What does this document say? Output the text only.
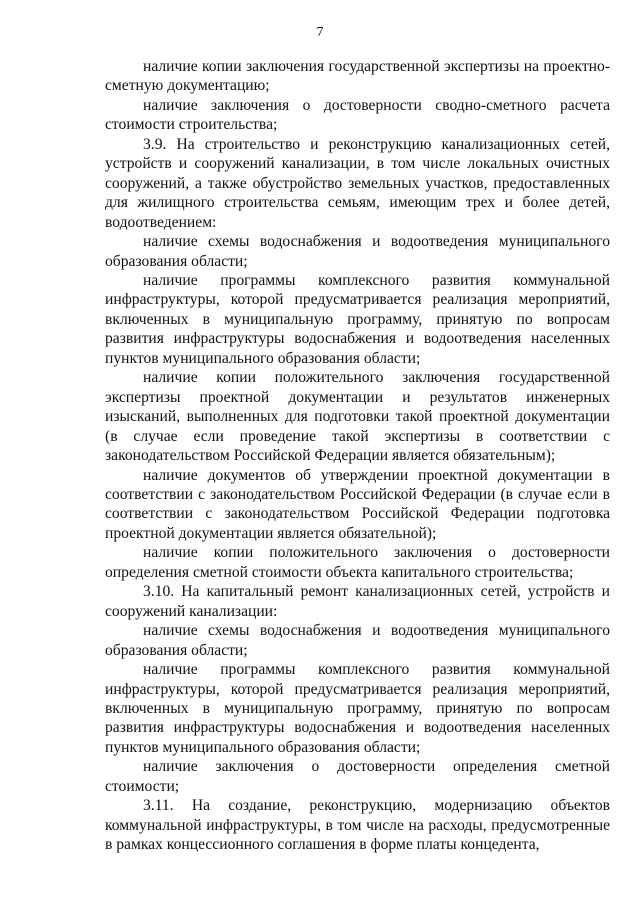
7

наличие копии заключения государственной экспертизы на проектно-сметную документацию;

наличие заключения о достоверности сводно-сметного расчета стоимости строительства;

3.9. На строительство и реконструкцию канализационных сетей, устройств и сооружений канализации, в том числе локальных очистных сооружений, а также обустройство земельных участков, предоставленных для жилищного строительства семьям, имеющим трех и более детей, водоотведением:

наличие схемы водоснабжения и водоотведения муниципального образования области;

наличие программы комплексного развития коммунальной инфраструктуры, которой предусматривается реализация мероприятий, включенных в муниципальную программу, принятую по вопросам развития инфраструктуры водоснабжения и водоотведения населенных пунктов муниципального образования области;

наличие копии положительного заключения государственной экспертизы проектной документации и результатов инженерных изысканий, выполненных для подготовки такой проектной документации (в случае если проведение такой экспертизы в соответствии с законодательством Российской Федерации является обязательным);

наличие документов об утверждении проектной документации в соответствии с законодательством Российской Федерации (в случае если в соответствии с законодательством Российской Федерации подготовка проектной документации является обязательной);

наличие копии положительного заключения о достоверности определения сметной стоимости объекта капитального строительства;

3.10. На капитальный ремонт канализационных сетей, устройств и сооружений канализации:

наличие схемы водоснабжения и водоотведения муниципального образования области;

наличие программы комплексного развития коммунальной инфраструктуры, которой предусматривается реализация мероприятий, включенных в муниципальную программу, принятую по вопросам развития инфраструктуры водоснабжения и водоотведения населенных пунктов муниципального образования области;

наличие заключения о достоверности определения сметной стоимости;

3.11. На создание, реконструкцию, модернизацию объектов коммунальной инфраструктуры, в том числе на расходы, предусмотренные в рамках концессионного соглашения в форме платы концедента,
